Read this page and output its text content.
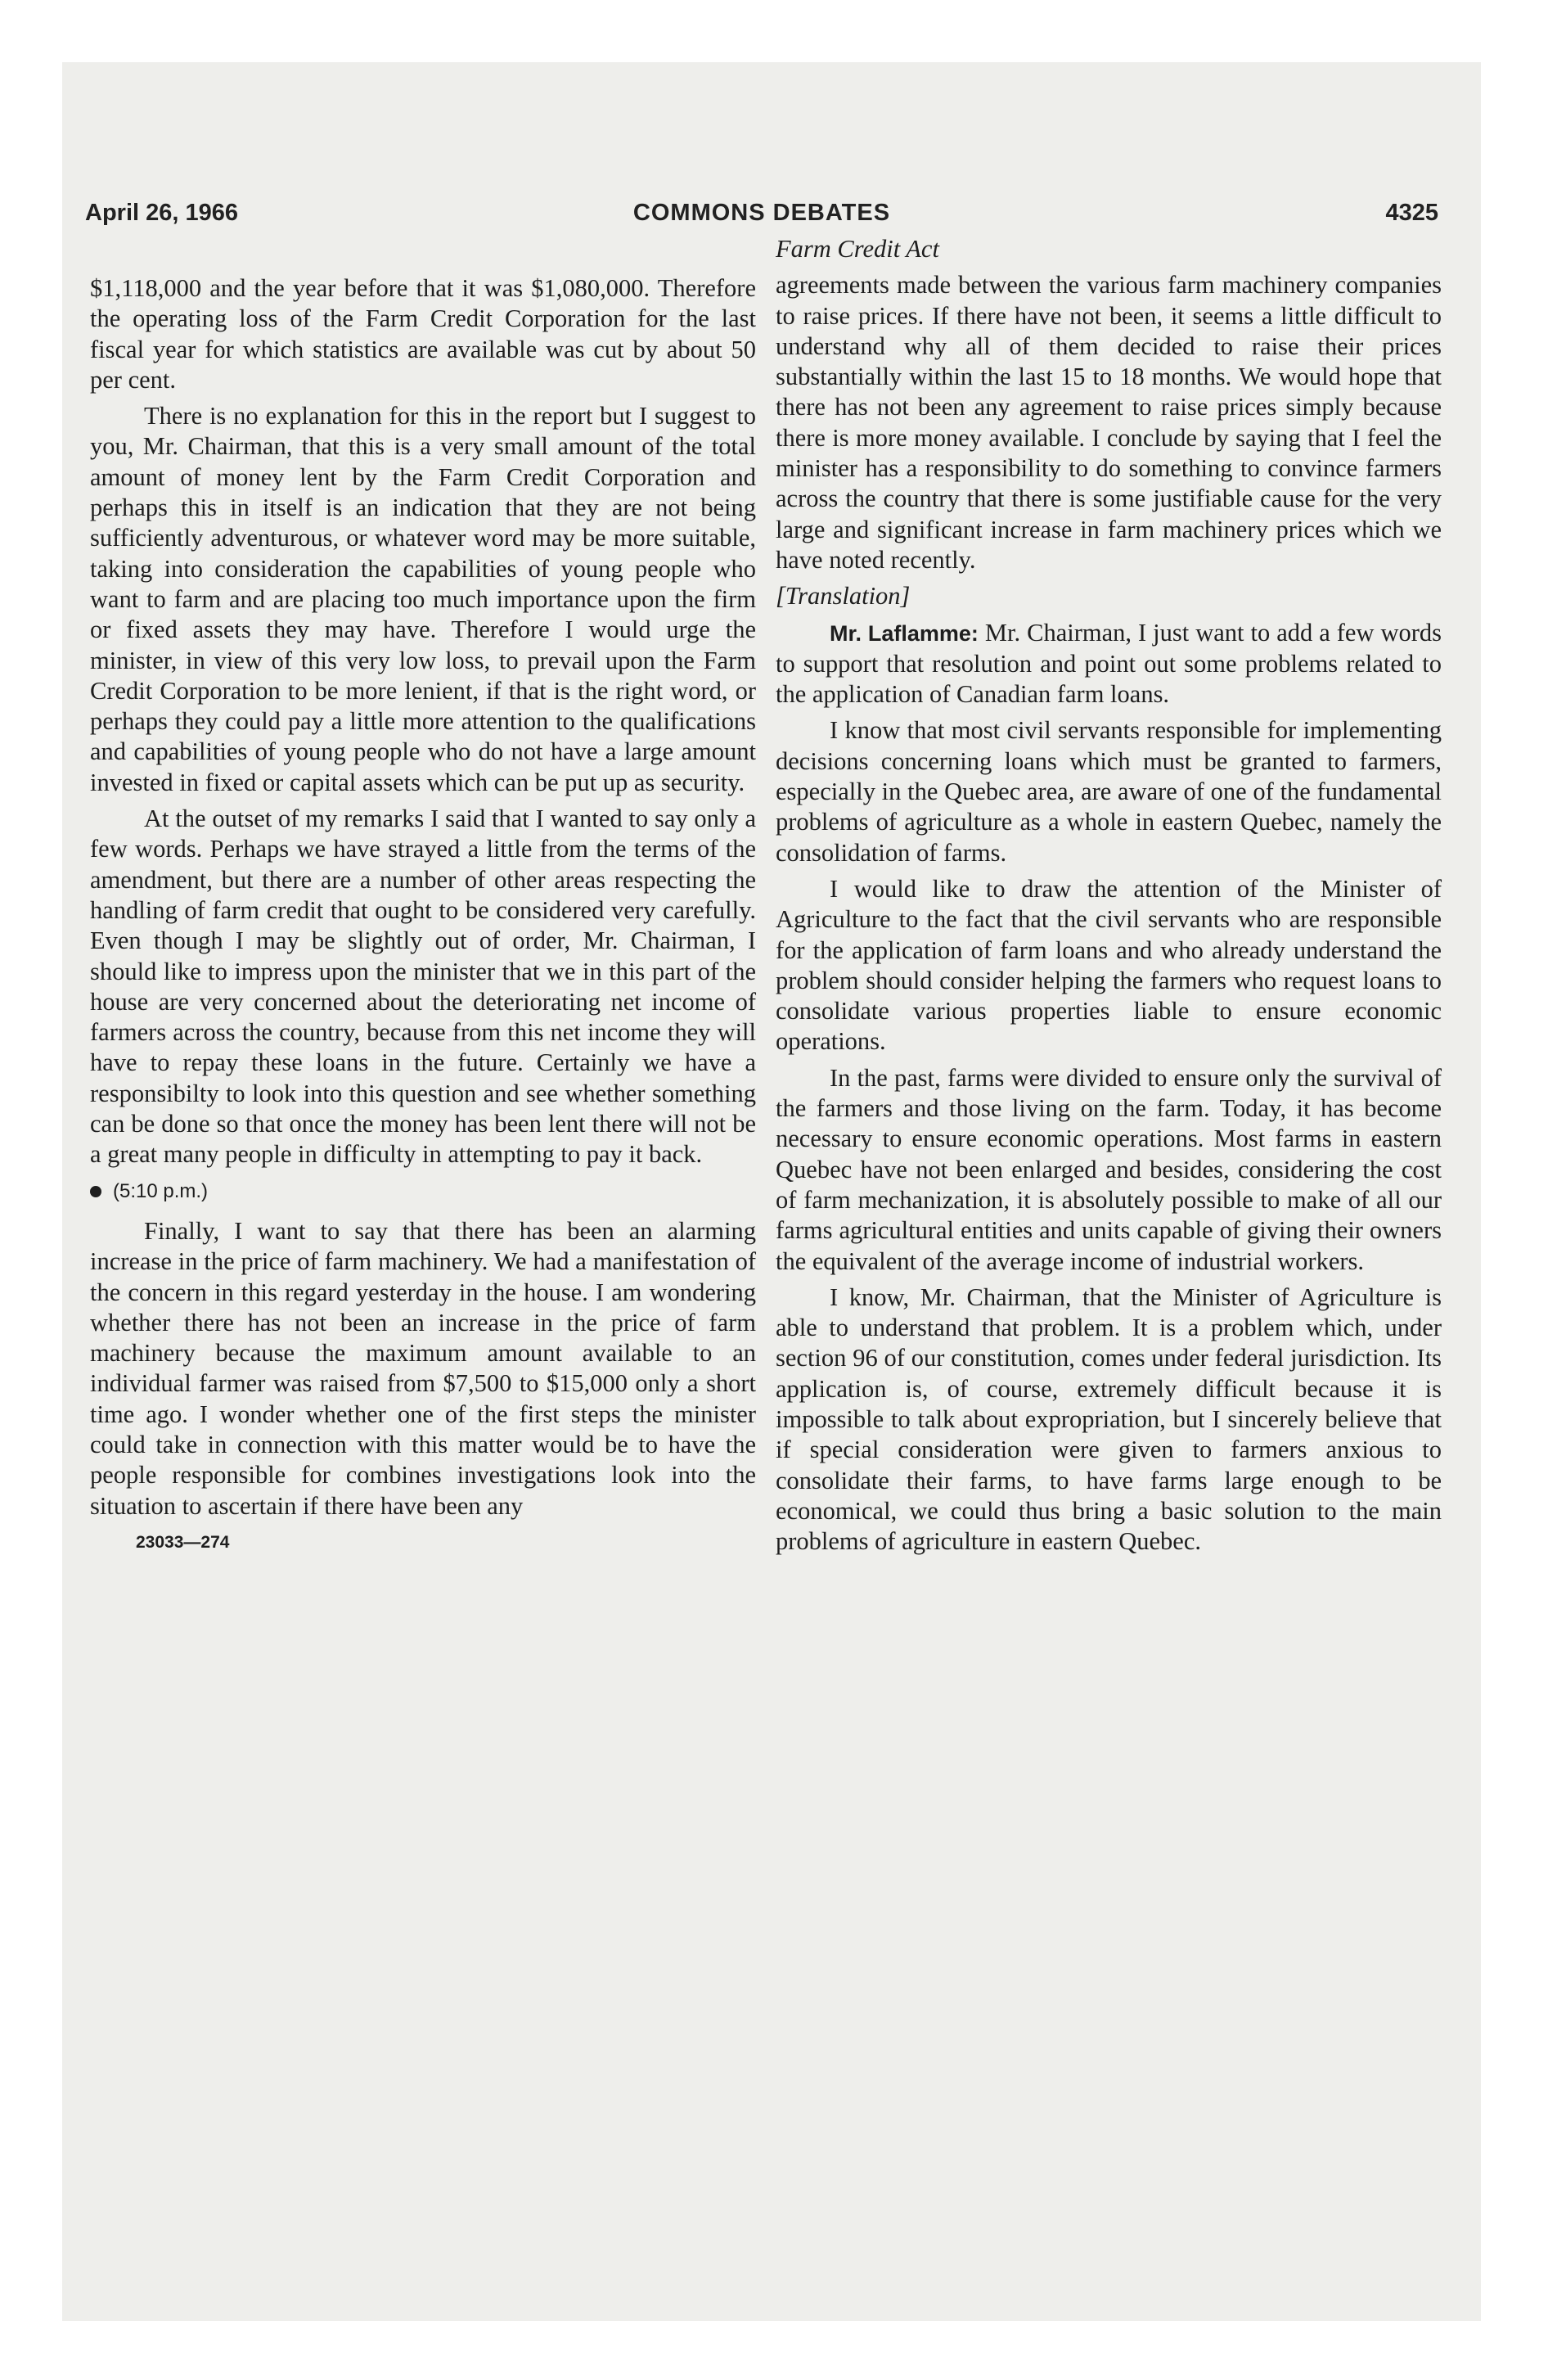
April 26, 1966	COMMONS DEBATES	4325

$1,118,000 and the year before that it was $1,080,000. Therefore the operating loss of the Farm Credit Corporation for the last fiscal year for which statistics are available was cut by about 50 per cent.

There is no explanation for this in the report but I suggest to you, Mr. Chairman, that this is a very small amount of the total amount of money lent by the Farm Credit Corporation and perhaps this in itself is an indication that they are not being sufficiently adventurous, or whatever word may be more suitable, taking into consideration the capabilities of young people who want to farm and are placing too much importance upon the firm or fixed assets they may have. Therefore I would urge the minister, in view of this very low loss, to prevail upon the Farm Credit Corporation to be more lenient, if that is the right word, or perhaps they could pay a little more attention to the qualifications and capabilities of young people who do not have a large amount invested in fixed or capital assets which can be put up as security.

At the outset of my remarks I said that I wanted to say only a few words. Perhaps we have strayed a little from the terms of the amendment, but there are a number of other areas respecting the handling of farm credit that ought to be considered very carefully. Even though I may be slightly out of order, Mr. Chairman, I should like to impress upon the minister that we in this part of the house are very concerned about the deteriorating net income of farmers across the country, because from this net income they will have to repay these loans in the future. Certainly we have a responsibilty to look into this question and see whether something can be done so that once the money has been lent there will not be a great many people in difficulty in attempting to pay it back.

(5:10 p.m.)

Finally, I want to say that there has been an alarming increase in the price of farm machinery. We had a manifestation of the concern in this regard yesterday in the house. I am wondering whether there has not been an increase in the price of farm machinery because the maximum amount available to an individual farmer was raised from $7,500 to $15,000 only a short time ago. I wonder whether one of the first steps the minister could take in connection with this matter would be to have the people responsible for combines investigations look into the situation to ascertain if there have been any

23033—274

Farm Credit Act

agreements made between the various farm machinery companies to raise prices. If there have not been, it seems a little difficult to understand why all of them decided to raise their prices substantially within the last 15 to 18 months. We would hope that there has not been any agreement to raise prices simply because there is more money available. I conclude by saying that I feel the minister has a responsibility to do something to convince farmers across the country that there is some justifiable cause for the very large and significant increase in farm machinery prices which we have noted recently.

[Translation]

Mr. Laflamme: Mr. Chairman, I just want to add a few words to support that resolution and point out some problems related to the application of Canadian farm loans.

I know that most civil servants responsible for implementing decisions concerning loans which must be granted to farmers, especially in the Quebec area, are aware of one of the fundamental problems of agriculture as a whole in eastern Quebec, namely the consolidation of farms.

I would like to draw the attention of the Minister of Agriculture to the fact that the civil servants who are responsible for the application of farm loans and who already understand the problem should consider helping the farmers who request loans to consolidate various properties liable to ensure economic operations.

In the past, farms were divided to ensure only the survival of the farmers and those living on the farm. Today, it has become necessary to ensure economic operations. Most farms in eastern Quebec have not been enlarged and besides, considering the cost of farm mechanization, it is absolutely possible to make of all our farms agricultural entities and units capable of giving their owners the equivalent of the average income of industrial workers.

I know, Mr. Chairman, that the Minister of Agriculture is able to understand that problem. It is a problem which, under section 96 of our constitution, comes under federal jurisdiction. Its application is, of course, extremely difficult because it is impossible to talk about expropriation, but I sincerely believe that if special consideration were given to farmers anxious to consolidate their farms, to have farms large enough to be economical, we could thus bring a basic solution to the main problems of agriculture in eastern Quebec.
